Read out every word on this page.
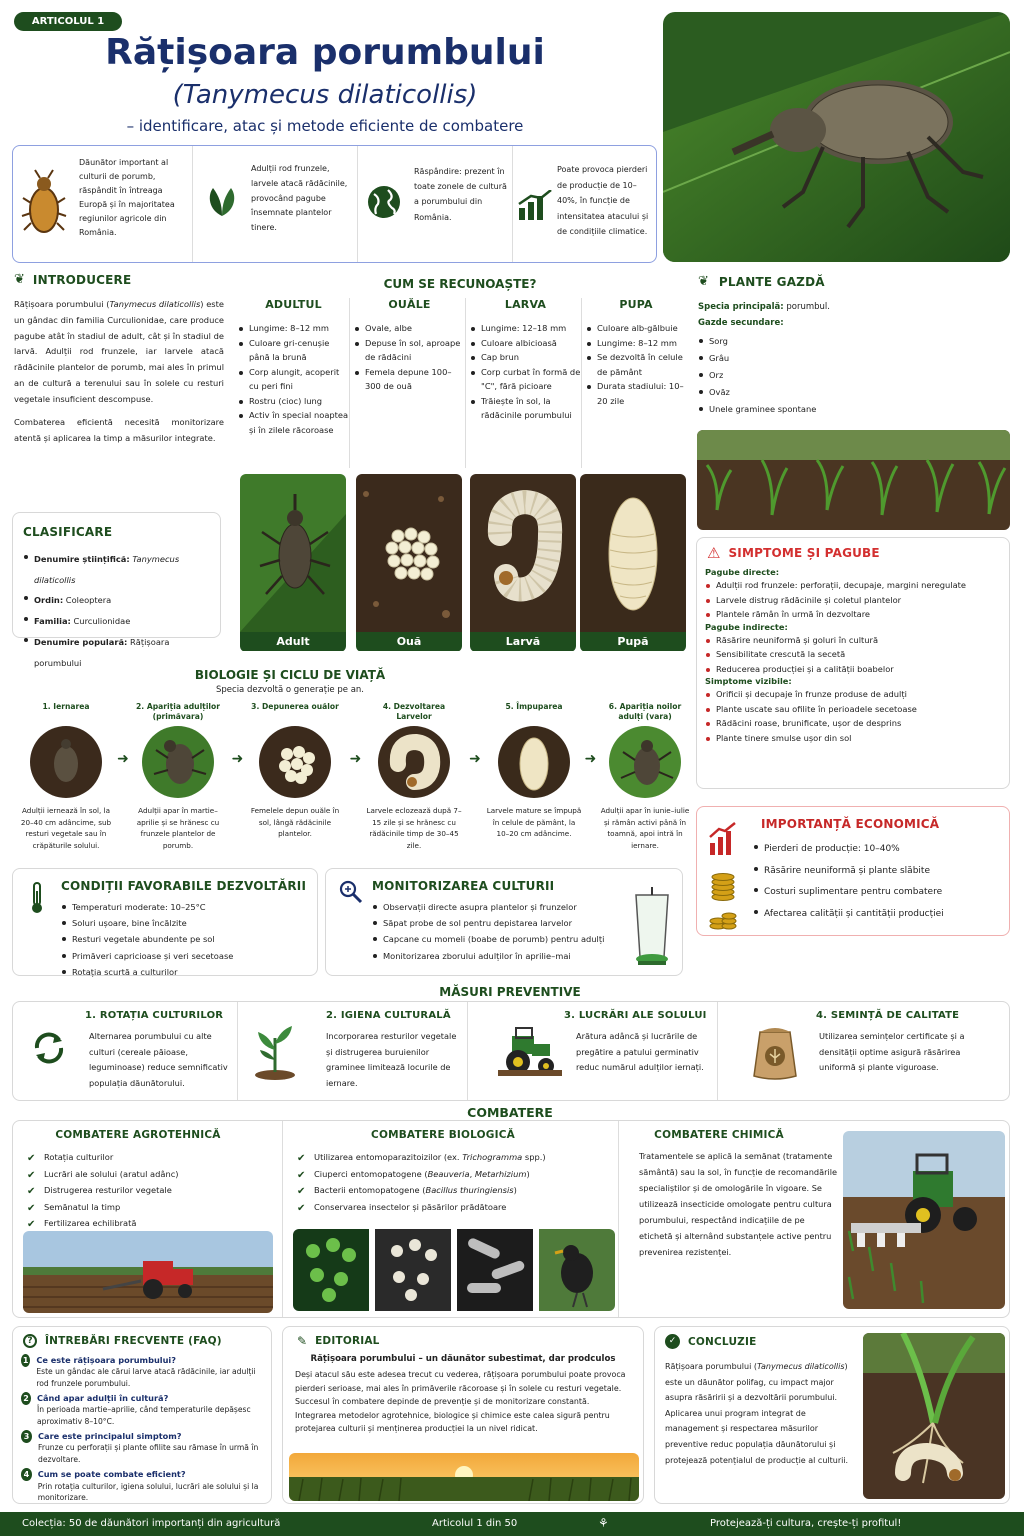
ARTICOLUL 1
Rățișoara porumbului
(Tanymecus dilaticollis)
– identificare, atac și metode eficiente de combatere
Dăunător important al culturii de porumb, răspândit în întreaga Europă și în majoritatea regiunilor agricole din România.
Adulții rod frunzele, larvele atacă rădăcinile, provocând pagube însemnate plantelor tinere.
Răspândire: prezent în toate zonele de cultură a porumbului din România.
Poate provoca pierderi de producție de 10–40%, în funcție de intensitatea atacului și de condițiile climatice.
❦ INTRODUCERE

Rățișoara porumbului (Tanymecus dilaticollis) este un gândac din familia Curculionidae, care produce pagube atât în stadiul de adult, cât și în stadiul de larvă. Adulții rod frunzele, iar larvele atacă rădăcinile plantelor de porumb, mai ales în primul an de cultură a terenului sau în solele cu resturi vegetale insuficient descompuse.

Combaterea eficientă necesită monitorizare atentă și aplicarea la timp a măsurilor integrate.

CLASIFICARE
Denumire științifică: Tanymecus dilaticollis
Ordin: Coleoptera
Familia: Curculionidae
Denumire populară: Rățișoara porumbului
CUM SE RECUNOAȘTE?
ADULTUL
Lungime: 8–12 mm
Culoare gri-cenușie până la brună
Corp alungit, acoperit cu peri fini
Rostru (cioc) lung
Activ în special noaptea și în zilele răcoroase
OUĂLE
Ovale, albe
Depuse în sol, aproape de rădăcini
Femela depune 100–300 de ouă
LARVA
Lungime: 12–18 mm
Culoare albicioasă
Cap brun
Corp curbat în formă de "C", fără picioare
Trăiește în sol, la rădăcinile porumbului
PUPA
Culoare alb-gălbuie
Lungime: 8–12 mm
Se dezvoltă în celule de pământ
Durata stadiului: 10–20 zile
Adult	Ouă	Larvă	Pupă
❦ PLANTE GAZDĂ
Specia principală: porumbul.
Gazde secundare:
Sorg
Grâu
Orz
Ovăz
Unele graminee spontane
⚠ SIMPTOME ȘI PAGUBE
Pagube directe:
Adulții rod frunzele: perforații, decupaje, margini neregulate
Larvele distrug rădăcinile și coletul plantelor
Plantele rămân în urmă în dezvoltare
Pagube indirecte:
Răsărire neuniformă și goluri în cultură
Sensibilitate crescută la secetă
Reducerea producției și a calității boabelor
Simptome vizibile:
Orificii și decupaje în frunze produse de adulți
Plante uscate sau ofilite în perioadele secetoase
Rădăcini roase, brunificate, ușor de desprins
Plante tinere smulse ușor din sol
BIOLOGIE ȘI CICLU DE VIAȚĂ
Specia dezvoltă o generație pe an.
1. Iernarea
Adulții iernează în sol, la 20–40 cm adâncime, sub resturi vegetale sau în crăpăturile solului.
➜
2. Apariția adulților (primăvara)
Adulții apar în martie–aprilie și se hrănesc cu frunzele plantelor de porumb.
➜
3. Depunerea ouălor
Femelele depun ouăle în sol, lângă rădăcinile plantelor.
➜
4. Dezvoltarea Larvelor
Larvele eclozează după 7–15 zile și se hrănesc cu rădăcinile timp de 30–45 zile.
➜
5. Împuparea
Larvele mature se împupă în celule de pământ, la 10–20 cm adâncime.
➜
6. Apariția noilor adulți (vara)
Adulții apar în iunie–iulie și rămân activi până în toamnă, apoi intră în iernare.
IMPORTANȚĂ ECONOMICĂ
Pierderi de producție: 10–40%
Răsărire neuniformă și plante slăbite
Costuri suplimentare pentru combatere
Afectarea calității și cantității producției
CONDIȚII FAVORABILE DEZVOLTĂRII
Temperaturi moderate: 10–25°C
Soluri ușoare, bine încălzite
Resturi vegetale abundente pe sol
Primăveri capricioase și veri secetoase
Rotația scurtă a culturilor
MONITORIZAREA CULTURII
Observații directe asupra plantelor și frunzelor
Săpat probe de sol pentru depistarea larvelor
Capcane cu momeli (boabe de porumb) pentru adulți
Monitorizarea zborului adulților în aprilie–mai
MĂSURI PREVENTIVE
1. ROTAȚIA CULTURILOR
Alternarea porumbului cu alte culturi (cereale păioase, leguminoase) reduce semnificativ populația dăunătorului.
2. IGIENA CULTURALĂ
Incorporarea resturilor vegetale și distrugerea buruienilor graminee limitează locurile de iernare.
3. LUCRĂRI ALE SOLULUI
Arătura adâncă și lucrările de pregătire a patului germinativ reduc numărul adulților iernați.
4. SEMINȚĂ DE CALITATE
Utilizarea semințelor certificate și a densității optime asigură răsărirea uniformă și plante viguroase.
COMBATERE
COMBATERE AGROTEHNICĂ
✔ Rotația culturilor
✔ Lucrări ale solului (aratul adânc)
✔ Distrugerea resturilor vegetale
✔ Semănatul la timp
✔ Fertilizarea echilibrată
COMBATERE BIOLOGICĂ
✔ Utilizarea entomoparazitoizilor (ex. Trichogramma spp.)
✔ Ciuperci entomopatogene (Beauveria, Metarhizium)
✔ Bacterii entomopatogene (Bacillus thuringiensis)
✔ Conservarea insectelor și păsărilor prădătoare
COMBATERE CHIMICĂ
Tratamentele se aplică la semănat (tratamente sământă) sau la sol, în funcție de recomandările specialiștilor și de omologările în vigoare. Se utilizează insecticide omologate pentru cultura porumbului, respectând indicațiile de pe etichetă și alternând substanțele active pentru prevenirea rezistenței.
?	ÎNTREBĂRI FRECVENTE (FAQ)
1 Ce este rățișoara porumbului?
Este un gândac ale cărui larve atacă rădăcinile, iar adulții rod frunzele porumbului.
2 Când apar adulții în cultură?
În perioada martie–aprilie, când temperaturile depășesc aproximativ 8–10°C.
3	Care este principalul simptom?
Frunze cu perforații și plante ofilite sau rămase în urmă în dezvoltare.
4	Cum se poate combate eficient?
Prin rotația culturilor, igiena solului, lucrări ale solului și la monitorizare.
✎ EDITORIAL
Rățișoara porumbului – un dăunător subestimat, dar prodculos
Deși atacul său este adesea trecut cu vederea, rățișoara porumbului poate provoca pierderi serioase, mai ales în primăverile răcoroase și în solele cu resturi vegetale. Succesul în combatere depinde de prevenție și de monitorizare constantă. Integrarea metodelor agrotehnice, biologice și chimice este calea sigură pentru protejarea culturii și menținerea producției la un nivel ridicat.
✓	CONCLUZIE
Rățișoara porumbului (Tanymecus dilaticollis) este un dăunător polifag, cu impact major asupra răsăririi și a dezvoltării porumbului. Aplicarea unui program integrat de management și respectarea măsurilor preventive reduc populația dăunătorului și protejează potențialul de producție al culturii.
Colecția: 50 de dăunători importanți din agricultură	Articolul 1 din 50	⚘	Protejează-ți cultura, crește-ți profitul!
